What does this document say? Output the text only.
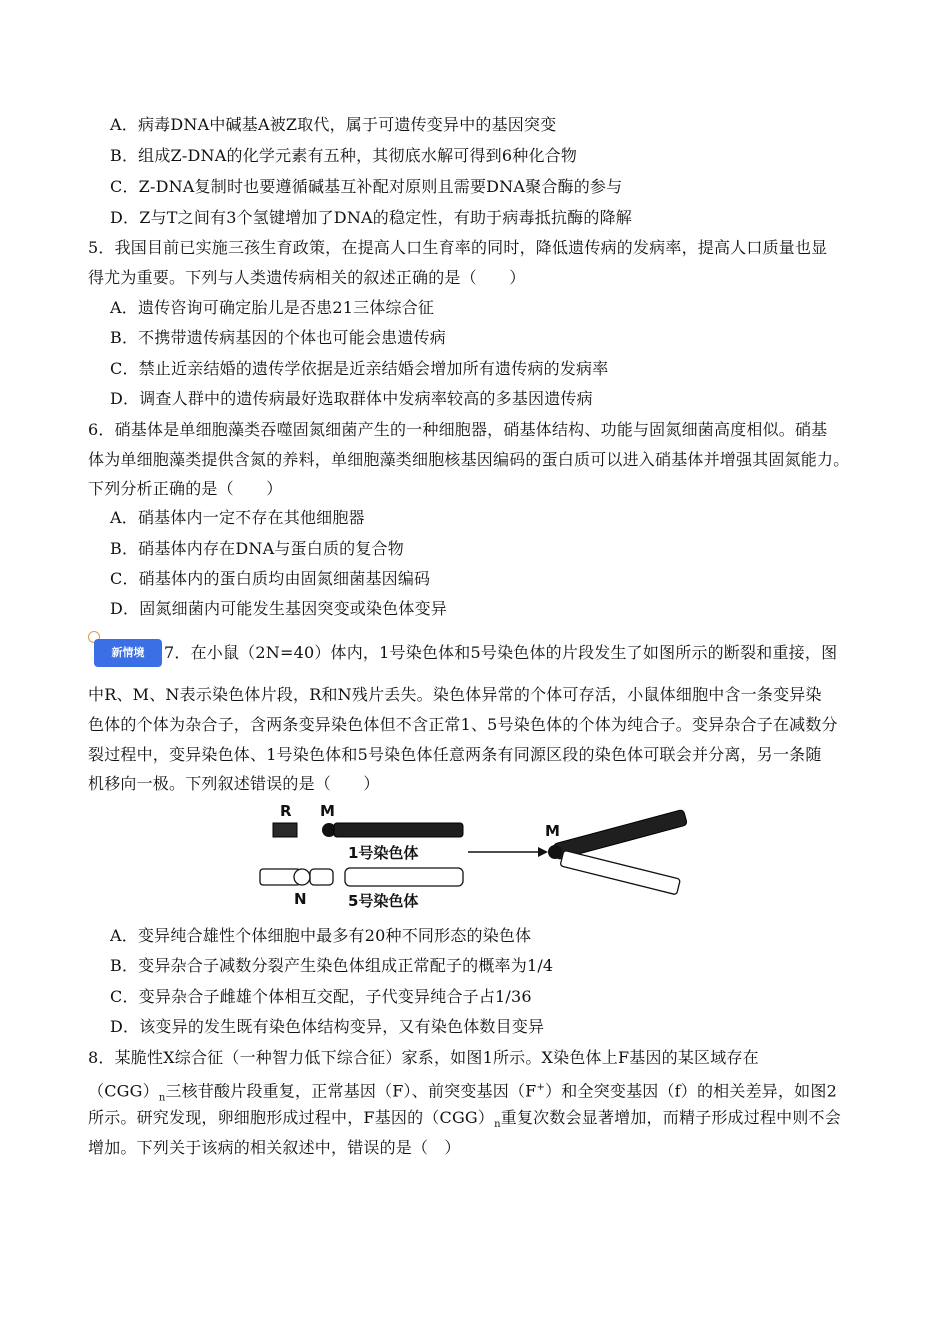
A．病毒DNA中碱基A被Z取代，属于可遗传变异中的基因突变
B．组成Z-DNA的化学元素有五种，其彻底水解可得到6种化合物
C．Z-DNA复制时也要遵循碱基互补配对原则且需要DNA聚合酶的参与
D．Z与T之间有3个氢键增加了DNA的稳定性，有助于病毒抵抗酶的降解
5．我国目前已实施三孩生育政策，在提高人口生育率的同时，降低遗传病的发病率，提高人口质量也显
得尤为重要。下列与人类遗传病相关的叙述正确的是（　　）
A．遗传咨询可确定胎儿是否患21三体综合征
B．不携带遗传病基因的个体也可能会患遗传病
C．禁止近亲结婚的遗传学依据是近亲结婚会增加所有遗传病的发病率
D．调查人群中的遗传病最好选取群体中发病率较高的多基因遗传病
6．硝基体是单细胞藻类吞噬固氮细菌产生的一种细胞器，硝基体结构、功能与固氮细菌高度相似。硝基
体为单细胞藻类提供含氮的养料，单细胞藻类细胞核基因编码的蛋白质可以进入硝基体并增强其固氮能力。
下列分析正确的是（　　）
A．硝基体内一定不存在其他细胞器
B．硝基体内存在DNA与蛋白质的复合物
C．硝基体内的蛋白质均由固氮细菌基因编码
D．固氮细菌内可能发生基因突变或染色体变异
新情境	7．在小鼠（2N=40）体内，1号染色体和5号染色体的片段发生了如图所示的断裂和重接，图
中R、M、N表示染色体片段，R和N残片丢失。染色体异常的个体可存活，小鼠体细胞中含一条变异染
色体的个体为杂合子，含两条变异染色体但不含正常1、5号染色体的个体为纯合子。变异杂合子在减数分
裂过程中，变异染色体、1号染色体和5号染色体任意两条有同源区段的染色体可联会并分离，另一条随
机移向一极。下列叙述错误的是（　　）
R M
1号染色体
N	5号染色体
M
A．变异纯合雄性个体细胞中最多有20种不同形态的染色体
B．变异杂合子减数分裂产生染色体组成正常配子的概率为1/4
C．变异杂合子雌雄个体相互交配，子代变异纯合子占1/36
D．该变异的发生既有染色体结构变异，又有染色体数目变异
8．某脆性X综合征（一种智力低下综合征）家系，如图1所示。X染色体上F基因的某区域存在
$(CGG)_n$三核苷酸片段重复，正常基因（F）、前突变基因（F+）和全突变基因（f）的相关差异，如图2
所示。研究发现，卵细胞形成过程中，F基因的$(CGG)_n$重复次数会显著增加，而精子形成过程中则不会
增加。下列关于该病的相关叙述中，错误的是（　）
